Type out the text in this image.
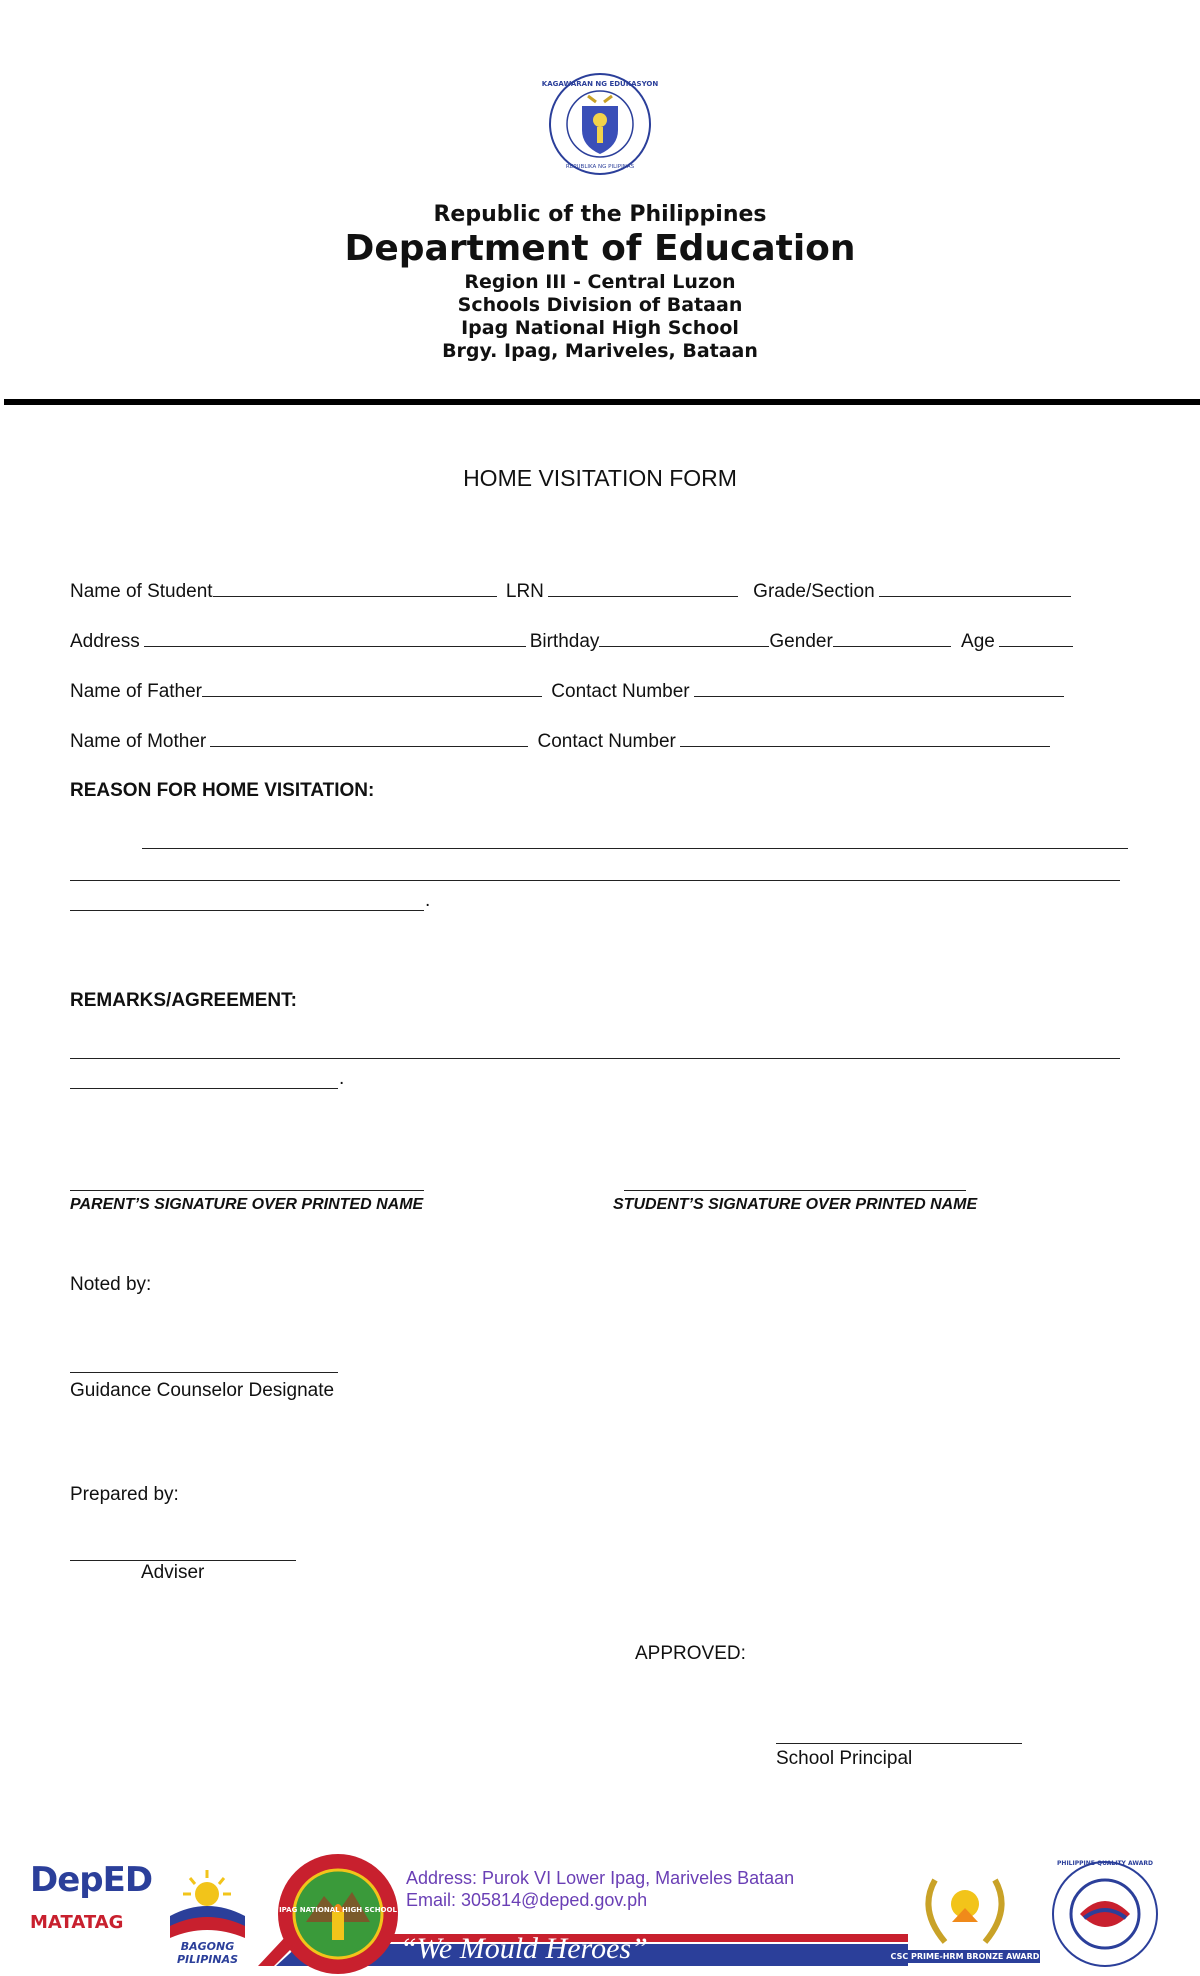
KAGAWARAN NG EDUKASYON
REPUBLIKA NG PILIPINAS
Republic of the Philippines
Department of Education
Region III - Central Luzon
Schools Division of Bataan
Ipag National High School
Brgy. Ipag, Mariveles, Bataan
HOME VISITATION FORM
Name of Student	LRN	Grade/Section
Address	Birthday	Gender	Age
Name of Father	Contact Number
Name of Mother	Contact Number
REASON FOR HOME VISITATION:
.
REMARKS/AGREEMENT:
.
PARENT’S SIGNATURE OVER PRINTED NAME	STUDENT’S SIGNATURE OVER PRINTED NAME
Noted by:
Guidance Counselor Designate
Prepared by:
Adviser
APPROVED:
School Principal
DepED
MATATAG
BAGONG PILIPINAS
IPAG NATIONAL HIGH SCHOOL
Address: Purok VI Lower Ipag, Mariveles Bataan
Email: 305814@deped.gov.ph
“We Mould Heroes”	CSC PRIME-HRM BRONZE AWARD
PHILIPPINE QUALITY AWARD
